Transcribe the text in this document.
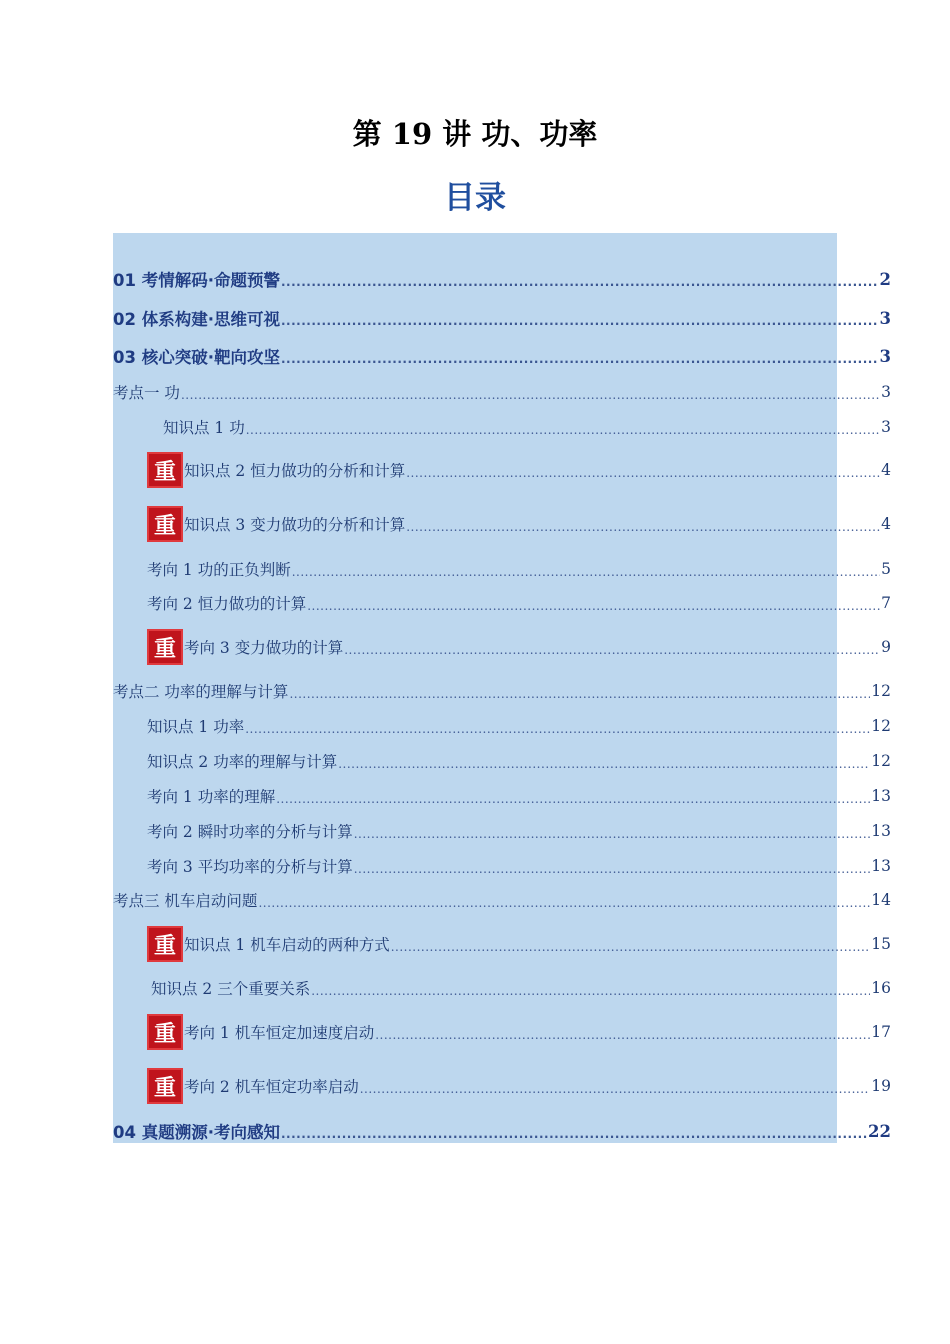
第 19 讲 功、功率
目录
01 考情解码·命题预警 .....	2
02 体系构建·思维可视 .....	3
03 核心突破·靶向攻坚 .....	3
考点一 功 .....	3
知识点 1 功 .....	3
重 知识点 2 恒力做功的分析和计算 .....	4
重 知识点 3 变力做功的分析和计算 .....	4
考向 1 功的正负判断 .....	5
考向 2 恒力做功的计算 .....	7
重 考向 3 变力做功的计算 .....	9
考点二 功率的理解与计算 .....	12
知识点 1 功率 .....	12
知识点 2 功率的理解与计算 .....	12
考向 1 功率的理解 .....	13
考向 2 瞬时功率的分析与计算 .....	13
考向 3 平均功率的分析与计算 .....	13
考点三 机车启动问题 .....	14
重 知识点 1 机车启动的两种方式 .....	15
知识点 2 三个重要关系 .....	16
重 考向 1 机车恒定加速度启动 .....	17
重 考向 2 机车恒定功率启动 .....	19
04 真题溯源·考向感知 .....	22
